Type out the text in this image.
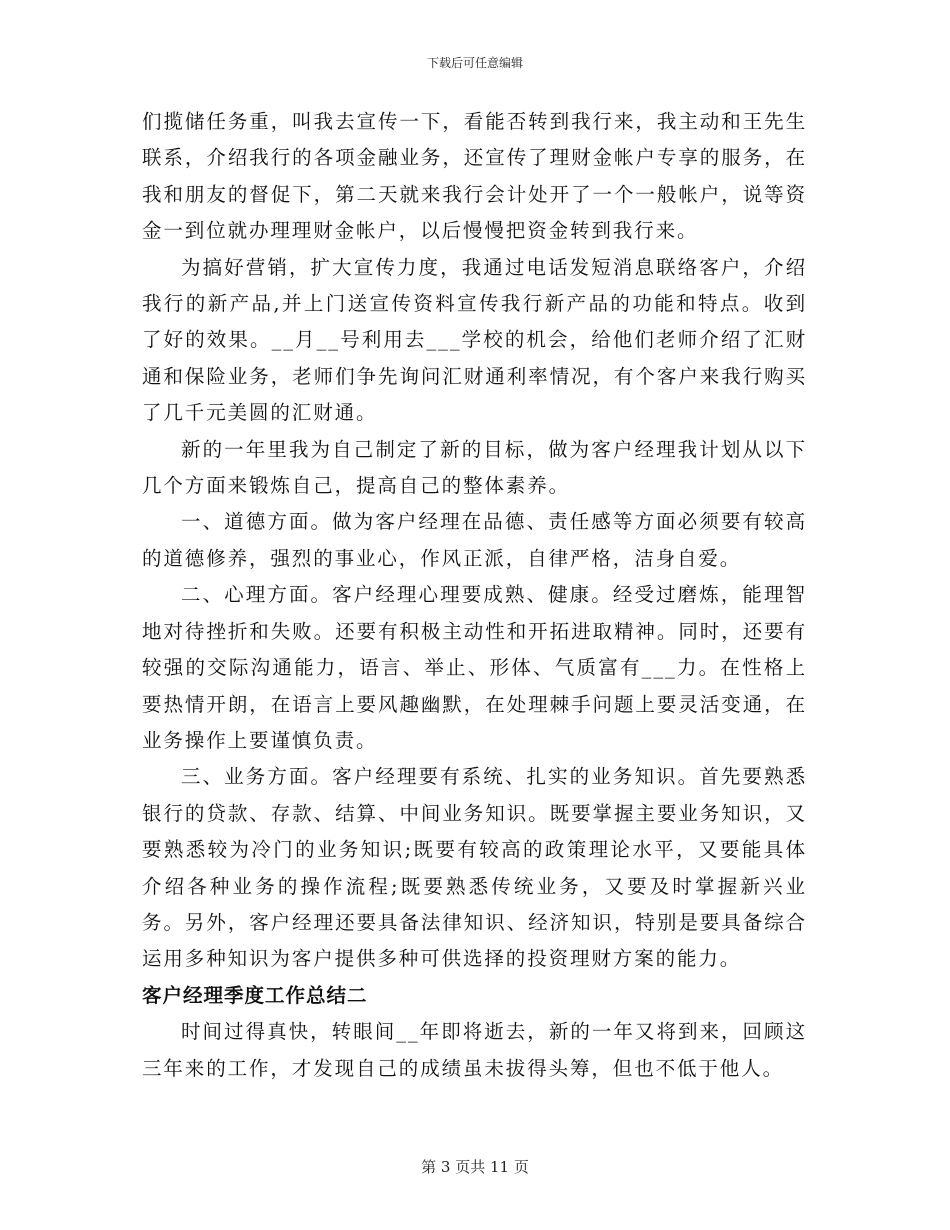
下载后可任意编辑

们揽储任务重，叫我去宣传一下，看能否转到我行来，我主动和王先生联系，介绍我行的各项金融业务，还宣传了理财金帐户专享的服务，在我和朋友的督促下，第二天就来我行会计处开了一个一般帐户，说等资金一到位就办理理财金帐户，以后慢慢把资金转到我行来。

为搞好营销，扩大宣传力度，我通过电话发短消息联络客户，介绍我行的新产品,并上门送宣传资料宣传我行新产品的功能和特点。收到了好的效果。__月__号利用去___学校的机会，给他们老师介绍了汇财通和保险业务，老师们争先询问汇财通利率情况，有个客户来我行购买了几千元美圆的汇财通。

新的一年里我为自己制定了新的目标，做为客户经理我计划从以下几个方面来锻炼自己，提高自己的整体素养。

一、道德方面。做为客户经理在品德、责任感等方面必须要有较高的道德修养，强烈的事业心，作风正派，自律严格，洁身自爱。

二、心理方面。客户经理心理要成熟、健康。经受过磨炼，能理智地对待挫折和失败。还要有积极主动性和开拓进取精神。同时，还要有较强的交际沟通能力，语言、举止、形体、气质富有___力。在性格上要热情开朗，在语言上要风趣幽默，在处理棘手问题上要灵活变通，在业务操作上要谨慎负责。

三、业务方面。客户经理要有系统、扎实的业务知识。首先要熟悉银行的贷款、存款、结算、中间业务知识。既要掌握主要业务知识，又要熟悉较为冷门的业务知识;既要有较高的政策理论水平，又要能具体介绍各种业务的操作流程;既要熟悉传统业务，又要及时掌握新兴业务。另外，客户经理还要具备法律知识、经济知识，特别是要具备综合运用多种知识为客户提供多种可供选择的投资理财方案的能力。

客户经理季度工作总结二

时间过得真快，转眼间__年即将逝去，新的一年又将到来，回顾这三年来的工作，才发现自己的成绩虽未拔得头筹，但也不低于他人。

第 3 页共 11 页
